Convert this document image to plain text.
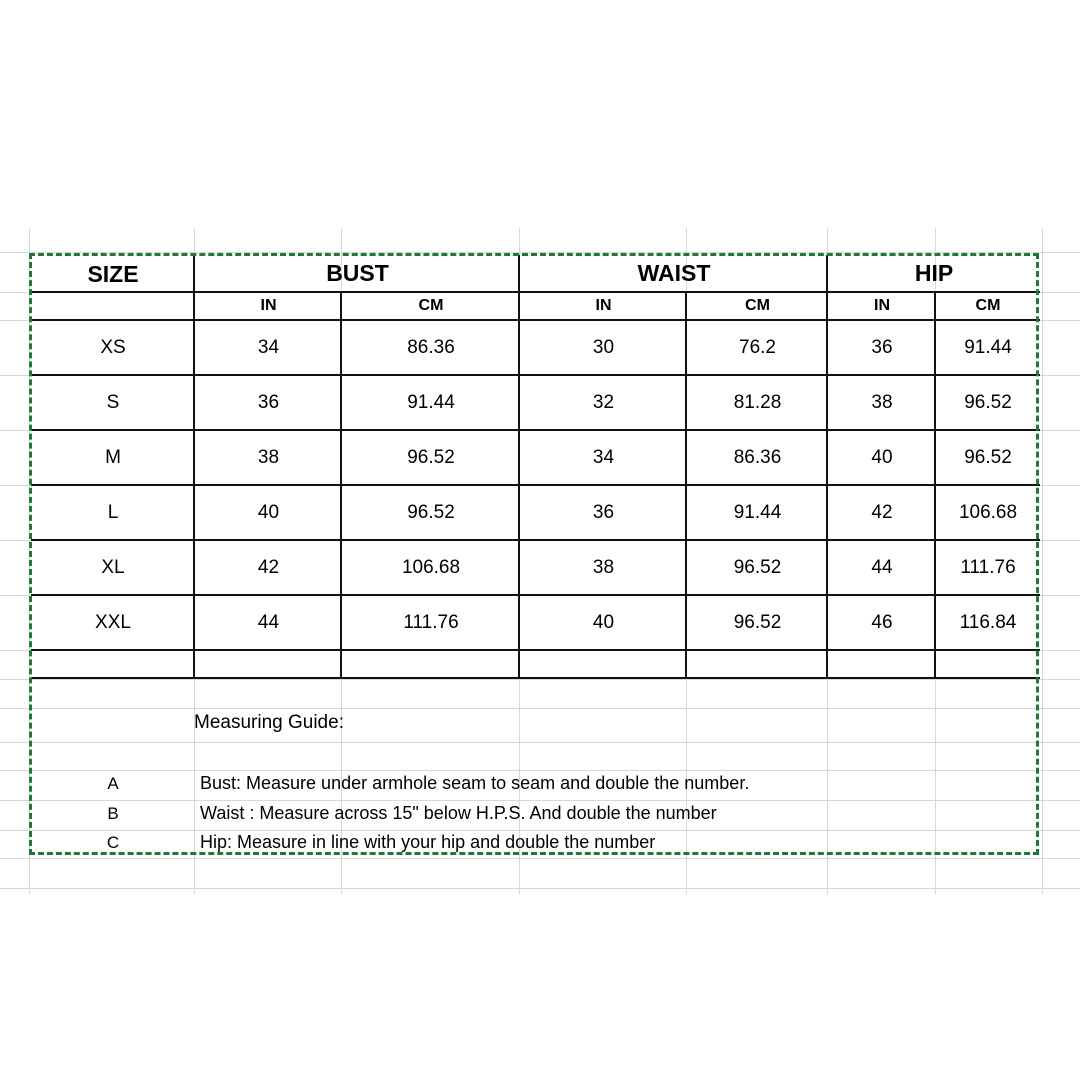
SIZE	BUST	WAIST	HIP
IN	CM	IN	CM	IN	CM
XS	34	86.36	30	76.2	36	91.44
S	36	91.44	32	81.28	38	96.52
M	38	96.52	34	86.36	40	96.52
L	40	96.52	36	91.44	42	106.68
XL	42	106.68	38	96.52	44	111.76
XXL	44	111.76	40	96.52	46	116.84
Measuring Guide:
A	Bust: Measure under armhole seam to seam and double the number.
B	Waist : Measure across 15" below H.P.S. And double the number
C	Hip: Measure in line with your hip and double the number
